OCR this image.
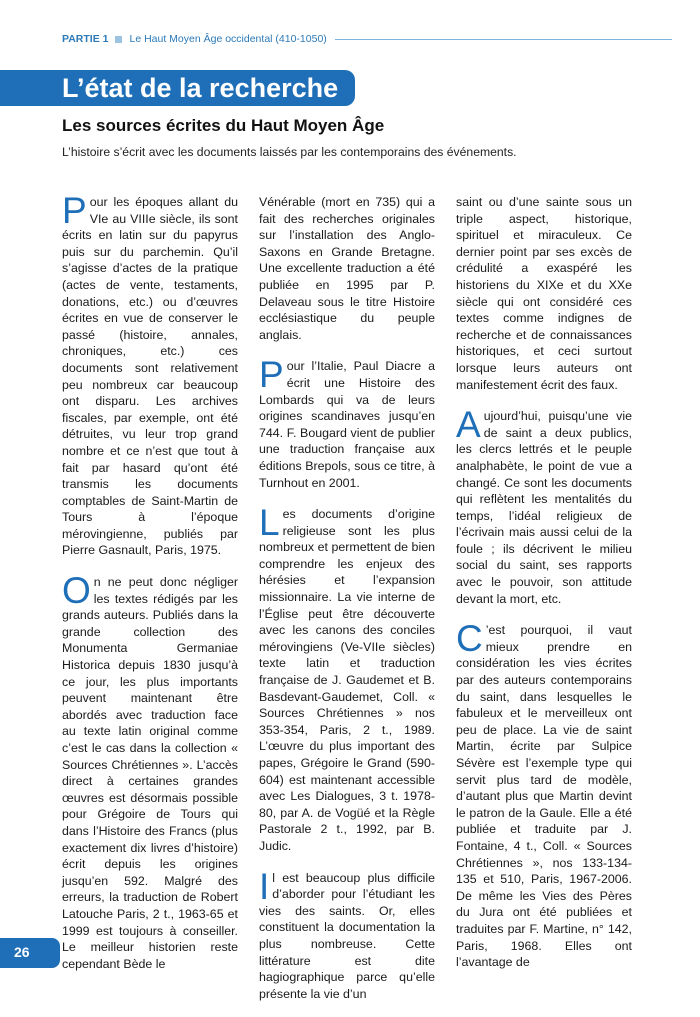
PARTIE 1 Le Haut Moyen Âge occidental (410-1050)
L’état de la recherche
Les sources écrites du Haut Moyen Âge

L’histoire s’écrit avec les documents laissés par les contemporains des événements.

Pour les époques allant du VIe au VIIIe siècle, ils sont écrits en latin sur du papyrus puis sur du parchemin. Qu’il s’agisse d’actes de la pratique (actes de vente, testaments, donations, etc.) ou d’œuvres écrites en vue de conserver le passé (histoire, annales, chroniques, etc.) ces documents sont relativement peu nombreux car beaucoup ont disparu. Les archives fiscales, par exemple, ont été détruites, vu leur trop grand nombre et ce n’est que tout à fait par hasard qu’ont été transmis les documents comptables de Saint-Martin de Tours à l’époque mérovingienne, publiés par Pierre Gasnault, Paris, 1975.

On ne peut donc négliger les textes rédigés par les grands auteurs. Publiés dans la grande collection des Monumenta Germaniae Historica depuis 1830 jusqu’à ce jour, les plus importants peuvent maintenant être abordés avec traduction face au texte latin original comme c’est le cas dans la collection « Sources Chrétiennes ». L’accès direct à certaines grandes œuvres est désormais possible pour Grégoire de Tours qui dans l’Histoire des Francs (plus exactement dix livres d’histoire) écrit depuis les origines jusqu’en 592. Malgré des erreurs, la traduction de Robert Latouche Paris, 2 t., 1963-65 et 1999 est toujours à conseiller. Le meilleur historien reste cependant Bède le

Vénérable (mort en 735) qui a fait des recherches originales sur l’installation des Anglo-Saxons en Grande Bretagne. Une excellente traduction a été publiée en 1995 par P. Delaveau sous le titre Histoire ecclésiastique du peuple anglais.

Pour l’Italie, Paul Diacre a écrit une Histoire des Lombards qui va de leurs origines scandinaves jusqu’en 744. F. Bougard vient de publier une traduction française aux éditions Brepols, sous ce titre, à Turnhout en 2001.

Les documents d’origine religieuse sont les plus nombreux et permettent de bien comprendre les enjeux des hérésies et l’expansion missionnaire. La vie interne de l’Église peut être découverte avec les canons des conciles mérovingiens (Ve-VIIe siècles) texte latin et traduction française de J. Gaudemet et B. Basdevant-Gaudemet, Coll. « Sources Chrétiennes » nos 353-354, Paris, 2 t., 1989. L’œuvre du plus important des papes, Grégoire le Grand (590-604) est maintenant accessible avec Les Dialogues, 3 t. 1978-80, par A. de Vogüé et la Règle Pastorale 2 t., 1992, par B. Judic.

Il est beaucoup plus difficile d’aborder pour l’étudiant les vies des saints. Or, elles constituent la documentation la plus nombreuse. Cette littérature est dite hagiographique parce qu’elle présente la vie d’un

saint ou d’une sainte sous un triple aspect, historique, spirituel et miraculeux. Ce dernier point par ses excès de crédulité a exaspéré les historiens du XIXe et du XXe siècle qui ont considéré ces textes comme indignes de recherche et de connaissances historiques, et ceci surtout lorsque leurs auteurs ont manifestement écrit des faux.

Aujourd’hui, puisqu’une vie de saint a deux publics, les clercs lettrés et le peuple analphabète, le point de vue a changé. Ce sont les documents qui reflètent les mentalités du temps, l’idéal religieux de l’écrivain mais aussi celui de la foule ; ils décrivent le milieu social du saint, ses rapports avec le pouvoir, son attitude devant la mort, etc.

C ’est pourquoi, il vaut mieux prendre en considération les vies écrites par des auteurs contemporains du saint, dans lesquelles le fabuleux et le merveilleux ont peu de place. La vie de saint Martin, écrite par Sulpice Sévère est l’exemple type qui servit plus tard de modèle, d’autant plus que Martin devint le patron de la Gaule. Elle a été publiée et traduite par J. Fontaine, 4 t., Coll. « Sources Chrétiennes », nos 133-134-135 et 510, Paris, 1967-2006. De même les Vies des Pères du Jura ont été publiées et traduites par F. Martine, n° 142, Paris, 1968. Elles ont l’avantage de

26
